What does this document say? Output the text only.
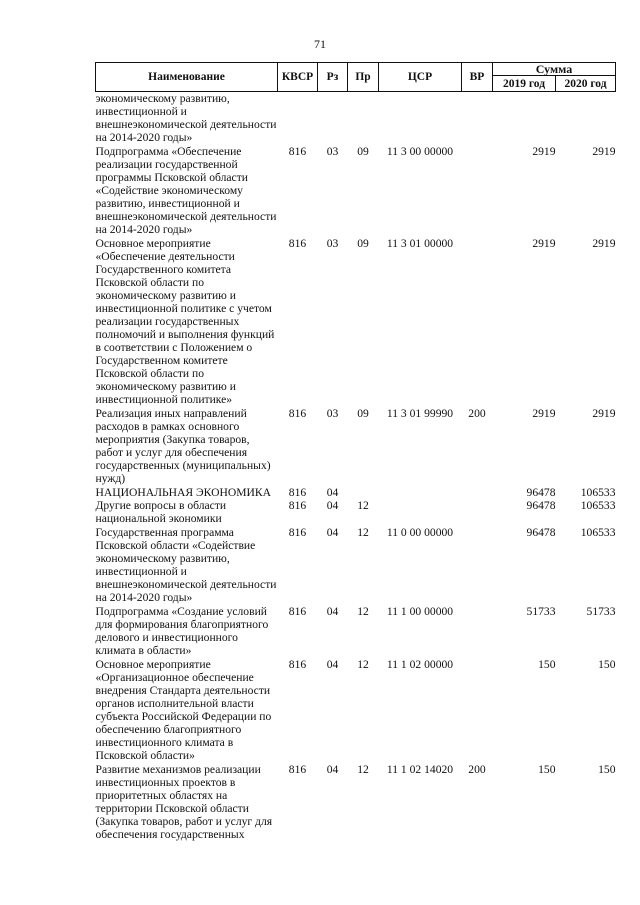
71
Наименование	КВСР	Рз	Пр	ЦСР	ВР	Сумма	
						2019 год	2020 год
экономическому развитию, инвестиционной и внешнеэкономической деятельности на 2014-2020 годы»							
Подпрограмма «Обеспечение реализации государственной программы Псковской области «Содействие экономическому развитию, инвестиционной и внешнеэкономической деятельности на 2014-2020 годы»	816	03	09	11 3 00 00000		2919	2919
Основное мероприятие «Обеспечение деятельности Государственного комитета Псковской области по экономическому развитию и инвестиционной политике с учетом реализации государственных полномочий и выполнения функций в соответствии с Положением о Государственном комитете Псковской области по экономическому развитию и инвестиционной политике»	816	03	09	11 3 01 00000		2919	2919
Реализация иных направлений расходов в рамках основного мероприятия (Закупка товаров, работ и услуг для обеспечения государственных (муниципальных) нужд)	816	03	09	11 3 01 99990	200	2919	2919
НАЦИОНАЛЬНАЯ ЭКОНОМИКА	816	04				96478	106533
Другие вопросы в области национальной экономики	816	04	12			96478	106533
Государственная программа Псковской области «Содействие экономическому развитию, инвестиционной и внешнеэкономической деятельности на 2014-2020 годы»	816	04	12	11 0 00 00000		96478	106533
Подпрограмма «Создание условий для формирования благоприятного делового и инвестиционного климата в области»	816	04	12	11 1 00 00000		51733	51733
Основное мероприятие «Организационное обеспечение внедрения Стандарта деятельности органов исполнительной власти субъекта Российской Федерации по обеспечению благоприятного инвестиционного климата в Псковской области»	816	04	12	11 1 02 00000		150	150
Развитие механизмов реализации инвестиционных проектов в приоритетных областях на территории Псковской области (Закупка товаров, работ и услуг для обеспечения государственных	816	04	12	11 1 02 14020	200	150	150
